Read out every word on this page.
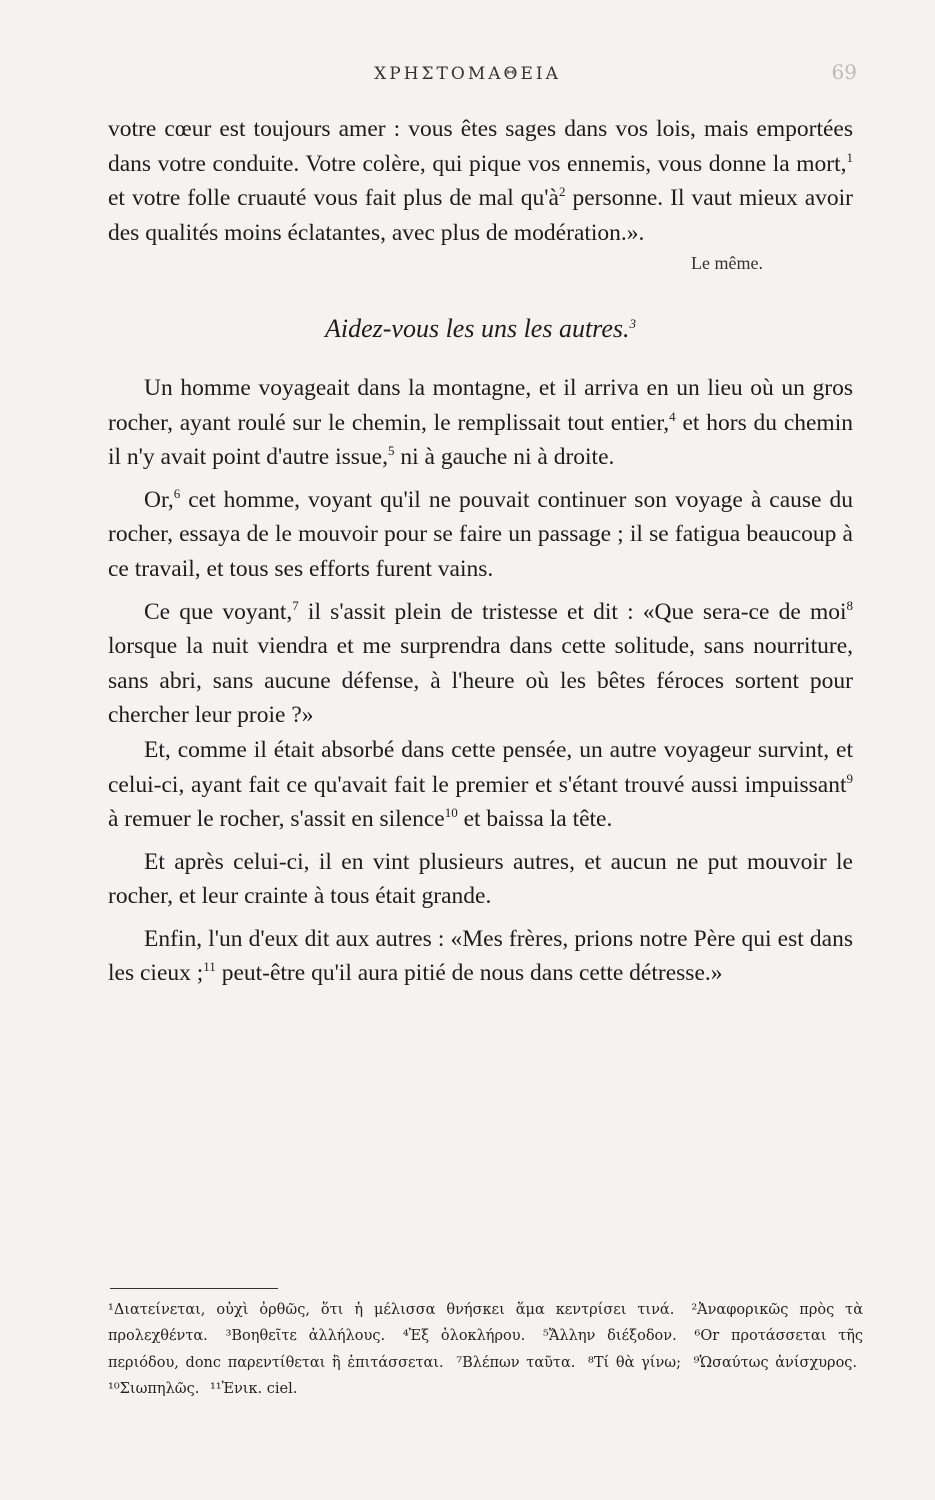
ΧΡΗΣΤΟΜΑΘΕΙΑ	69

votre cœur est toujours amer : vous êtes sages dans vos lois, mais emportées dans votre conduite. Votre colère, qui pique vos ennemis, vous donne la mort,$^1$ et votre folle cruauté vous fait plus de mal $qu'à^2$ personne. Il vaut mieux avoir des qualités moins éclatantes, avec plus de modération.».

Le même.

Aidez-vous les uns les autres.$^3$

Un homme voyageait dans la montagne, et il arriva en un lieu où un gros rocher, ayant roulé sur le chemin, le remplissait tout entier,$^4$ et hors du chemin il n'y avait point d'autre issue,$^5$ ni à gauche ni à droite.

Or,$^6$ cet homme, voyant qu'il ne pouvait continuer son voyage à cause du rocher, essaya de le mouvoir pour se faire un passage ; il se fatigua beaucoup à ce travail, et tous ses efforts furent vains.

Ce que voyant,$^7$ il s'assit plein de tristesse et dit : «Que sera-ce de moi$^8$ lorsque la nuit viendra et me surprendra dans cette solitude, sans nourriture, sans abri, sans aucune défense, à l'heure où les bêtes féroces sortent pour chercher leur proie ?»

Et, comme il était absorbé dans cette pensée, un autre voyageur survint, et celui-ci, ayant fait ce qu'avait fait le premier et s'étant trouvé aussi impuissant$^9$ à remuer le rocher, s'assit en silence$^{10}$ et baissa la tête.

Et après celui-ci, il en vint plusieurs autres, et aucun ne put mouvoir le rocher, et leur crainte à tous était grande.

Enfin, l'un d'eux dit aux autres : «Mes frères, prions notre Père qui est dans les cieux ;$^{11}$ peut-être qu'il aura pitié de nous dans cette détresse.»

¹Διατείνεται, οὐχὶ ὀρθῶς, ὅτι ἡ μέλισσα θνήσκει ἅμα κεντρίσει τινά. ²Ἀναφορικῶς πρὸς τὰ προλεχθέντα. ³Βοηθεῖτε ἀλλήλους. ⁴Ἐξ ὁλοκλήρου. ⁵Ἄλλην διέξοδον. ⁶Or προτάσσεται τῆς περιόδου, donc παρεντίθεται ἢ ἐπιτάσσεται. ⁷Βλέπων ταῦτα. ⁸Τί θὰ γίνω; ⁹Ὡσαύτως ἀνίσχυρος. ¹⁰Σιωπηλῶς. ¹¹Ἐνικ. ciel.
